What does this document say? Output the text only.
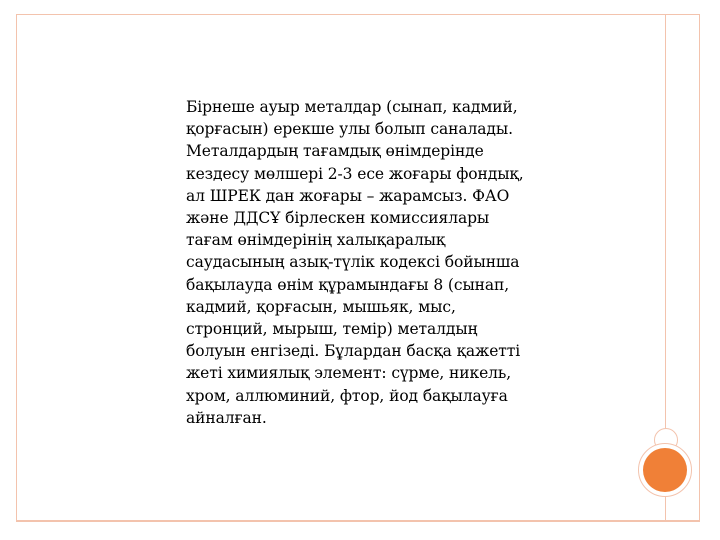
Бірнеше ауыр металдар (сынап, кадмий, қорғасын) ерекше улы болып саналады. Металдардың тағамдық өнімдерінде кездесу мөлшері 2-3 есе жоғары фондық, ал ШРЕК дан жоғары – жарамсыз. ФАО және ДДСҰ бірлескен комиссиялары тағам өнімдерінің халықаралық саудасының азық-түлік кодексі бойынша бақылауда өнім құрамындағы 8 (сынап, кадмий, қорғасын, мышьяк, мыс, стронций, мырыш, темір) металдың болуын енгізеді. Бұлардан басқа қажетті жеті химиялық элемент: сүрме, никель, хром, аллюминий, фтор, йод бақылауға айналған.
